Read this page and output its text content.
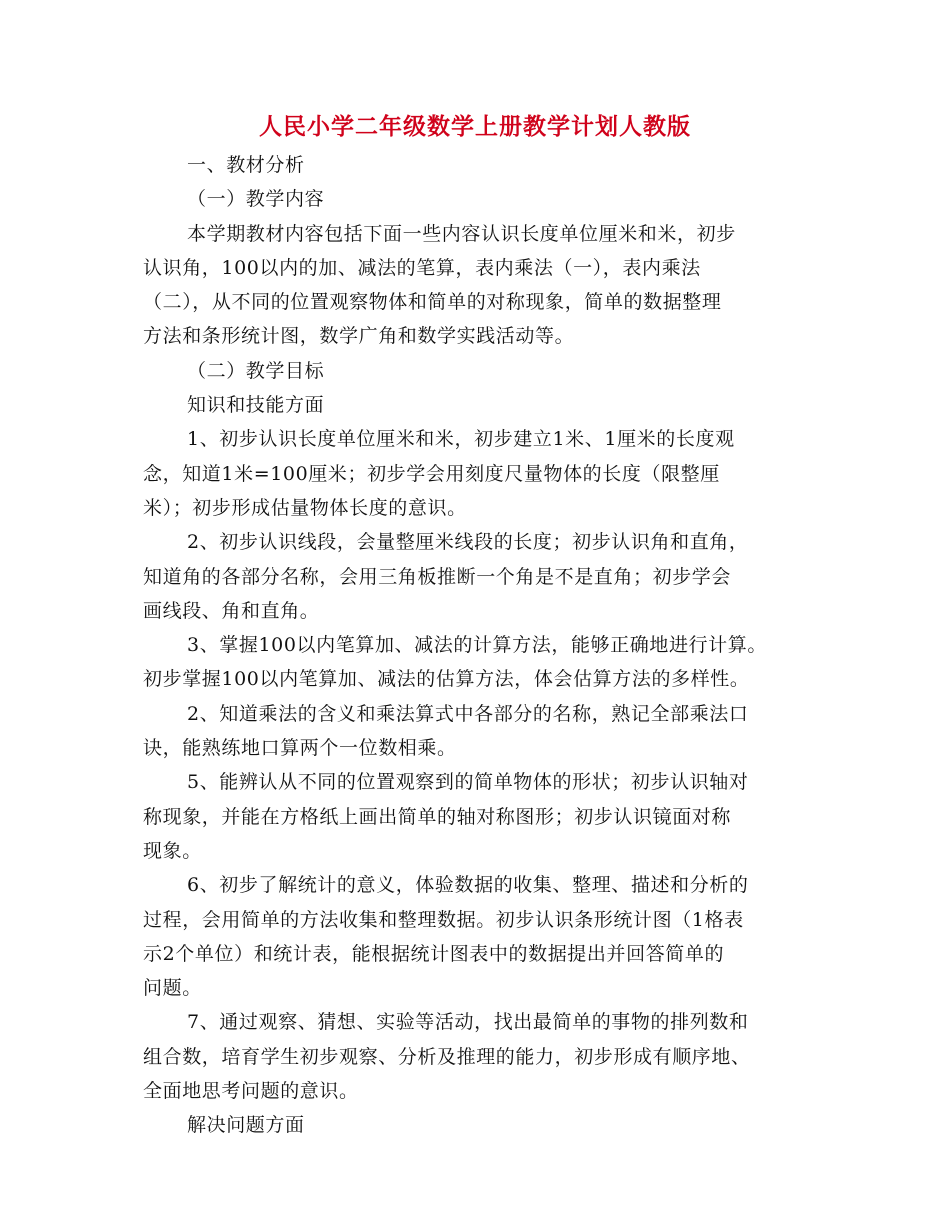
人民小学二年级数学上册教学计划人教版
一、教材分析
（一）教学内容
本学期教材内容包括下面一些内容认识长度单位厘米和米，初步
认识角，100以内的加、减法的笔算，表内乘法（一），表内乘法
（二），从不同的位置观察物体和简单的对称现象，简单的数据整理
方法和条形统计图，数学广角和数学实践活动等。
（二）教学目标
知识和技能方面
1、初步认识长度单位厘米和米，初步建立1米、1厘米的长度观
念，知道1米=100厘米；初步学会用刻度尺量物体的长度（限整厘
米）；初步形成估量物体长度的意识。
2、初步认识线段，会量整厘米线段的长度；初步认识角和直角，
知道角的各部分名称，会用三角板推断一个角是不是直角；初步学会
画线段、角和直角。
3、掌握100以内笔算加、减法的计算方法，能够正确地进行计算。
初步掌握100以内笔算加、减法的估算方法，体会估算方法的多样性。
2、知道乘法的含义和乘法算式中各部分的名称，熟记全部乘法口
诀，能熟练地口算两个一位数相乘。
5、能辨认从不同的位置观察到的简单物体的形状；初步认识轴对
称现象，并能在方格纸上画出简单的轴对称图形；初步认识镜面对称
现象。
6、初步了解统计的意义，体验数据的收集、整理、描述和分析的
过程，会用简单的方法收集和整理数据。初步认识条形统计图（1格表
示2个单位）和统计表，能根据统计图表中的数据提出并回答简单的
问题。
7、通过观察、猜想、实验等活动，找出最简单的事物的排列数和
组合数，培育学生初步观察、分析及推理的能力，初步形成有顺序地、
全面地思考问题的意识。
解决问题方面
